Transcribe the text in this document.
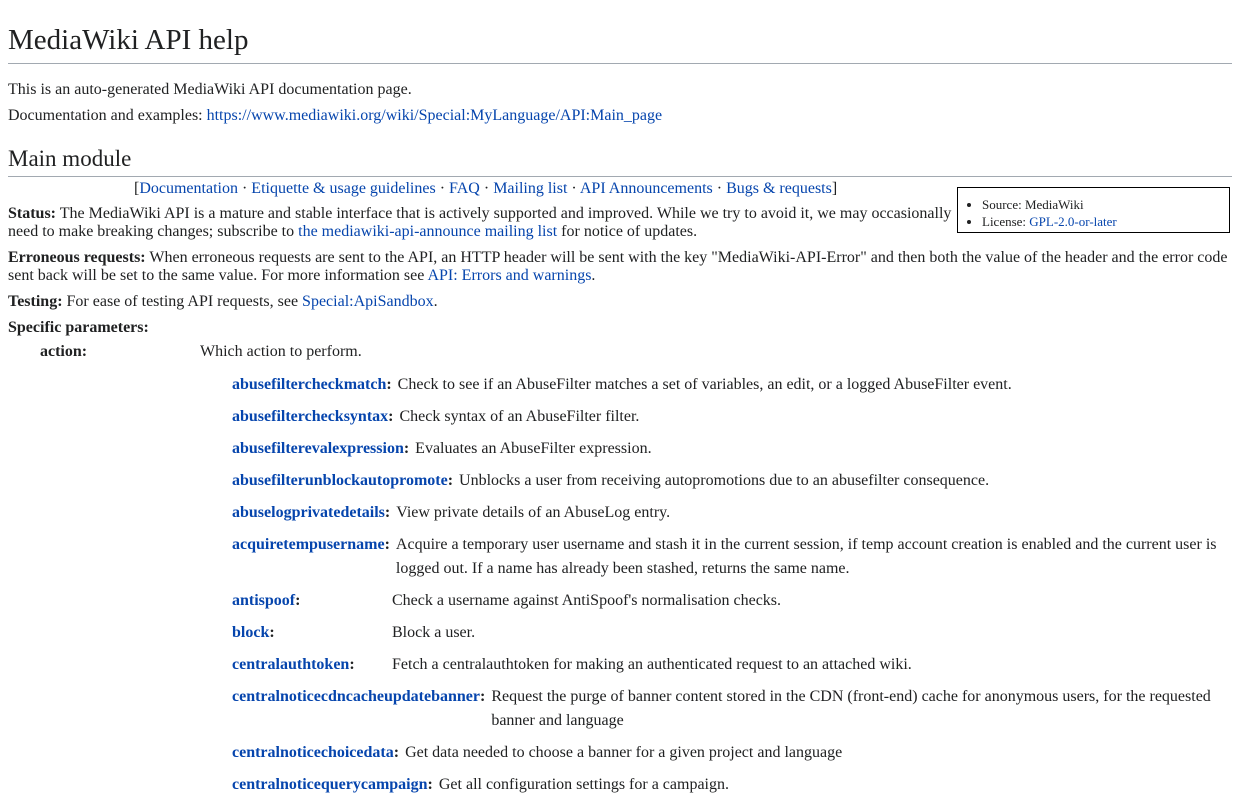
MediaWiki API help
This is an auto-generated MediaWiki API documentation page.
Documentation and examples: https://www.mediawiki.org/wiki/Special:MyLanguage/API:Main_page
Main module
[Documentation · Etiquette & usage guidelines · FAQ · Mailing list · API Announcements · Bugs & requests]
• Source: MediaWiki
• License: GPL-2.0-or-later
Status: The MediaWiki API is a mature and stable interface that is actively supported and improved. While we try to avoid it, we may occasionally need to make breaking changes; subscribe to the mediawiki-api-announce mailing list for notice of updates.
Erroneous requests: When erroneous requests are sent to the API, an HTTP header will be sent with the key "MediaWiki-API-Error" and then both the value of the header and the error code sent back will be set to the same value. For more information see API: Errors and warnings.
Testing: For ease of testing API requests, see Special:ApiSandbox.
Specific parameters:
action:	Which action to perform.
abusefiltercheckmatch: Check to see if an AbuseFilter matches a set of variables, an edit, or a logged AbuseFilter event.
abusefilterchecksyntax: Check syntax of an AbuseFilter filter.
abusefilterevalexpression: Evaluates an AbuseFilter expression.
abusefilterunblockautopromote: Unblocks a user from receiving autopromotions due to an abusefilter consequence.
abuselogprivatedetails: View private details of an AbuseLog entry.
acquiretempusername: Acquire a temporary user username and stash it in the current session, if temp account creation is enabled and the current user is logged out. If a name has already been stashed, returns the same name.
antispoof:	Check a username against AntiSpoof's normalisation checks.
block:	Block a user.
centralauthtoken:	Fetch a centralauthtoken for making an authenticated request to an attached wiki.
centralnoticecdncacheupdatebanner: Request the purge of banner content stored in the CDN (front-end) cache for anonymous users, for the requested banner and language
centralnoticechoicedata: Get data needed to choose a banner for a given project and language
centralnoticequerycampaign: Get all configuration settings for a campaign.
